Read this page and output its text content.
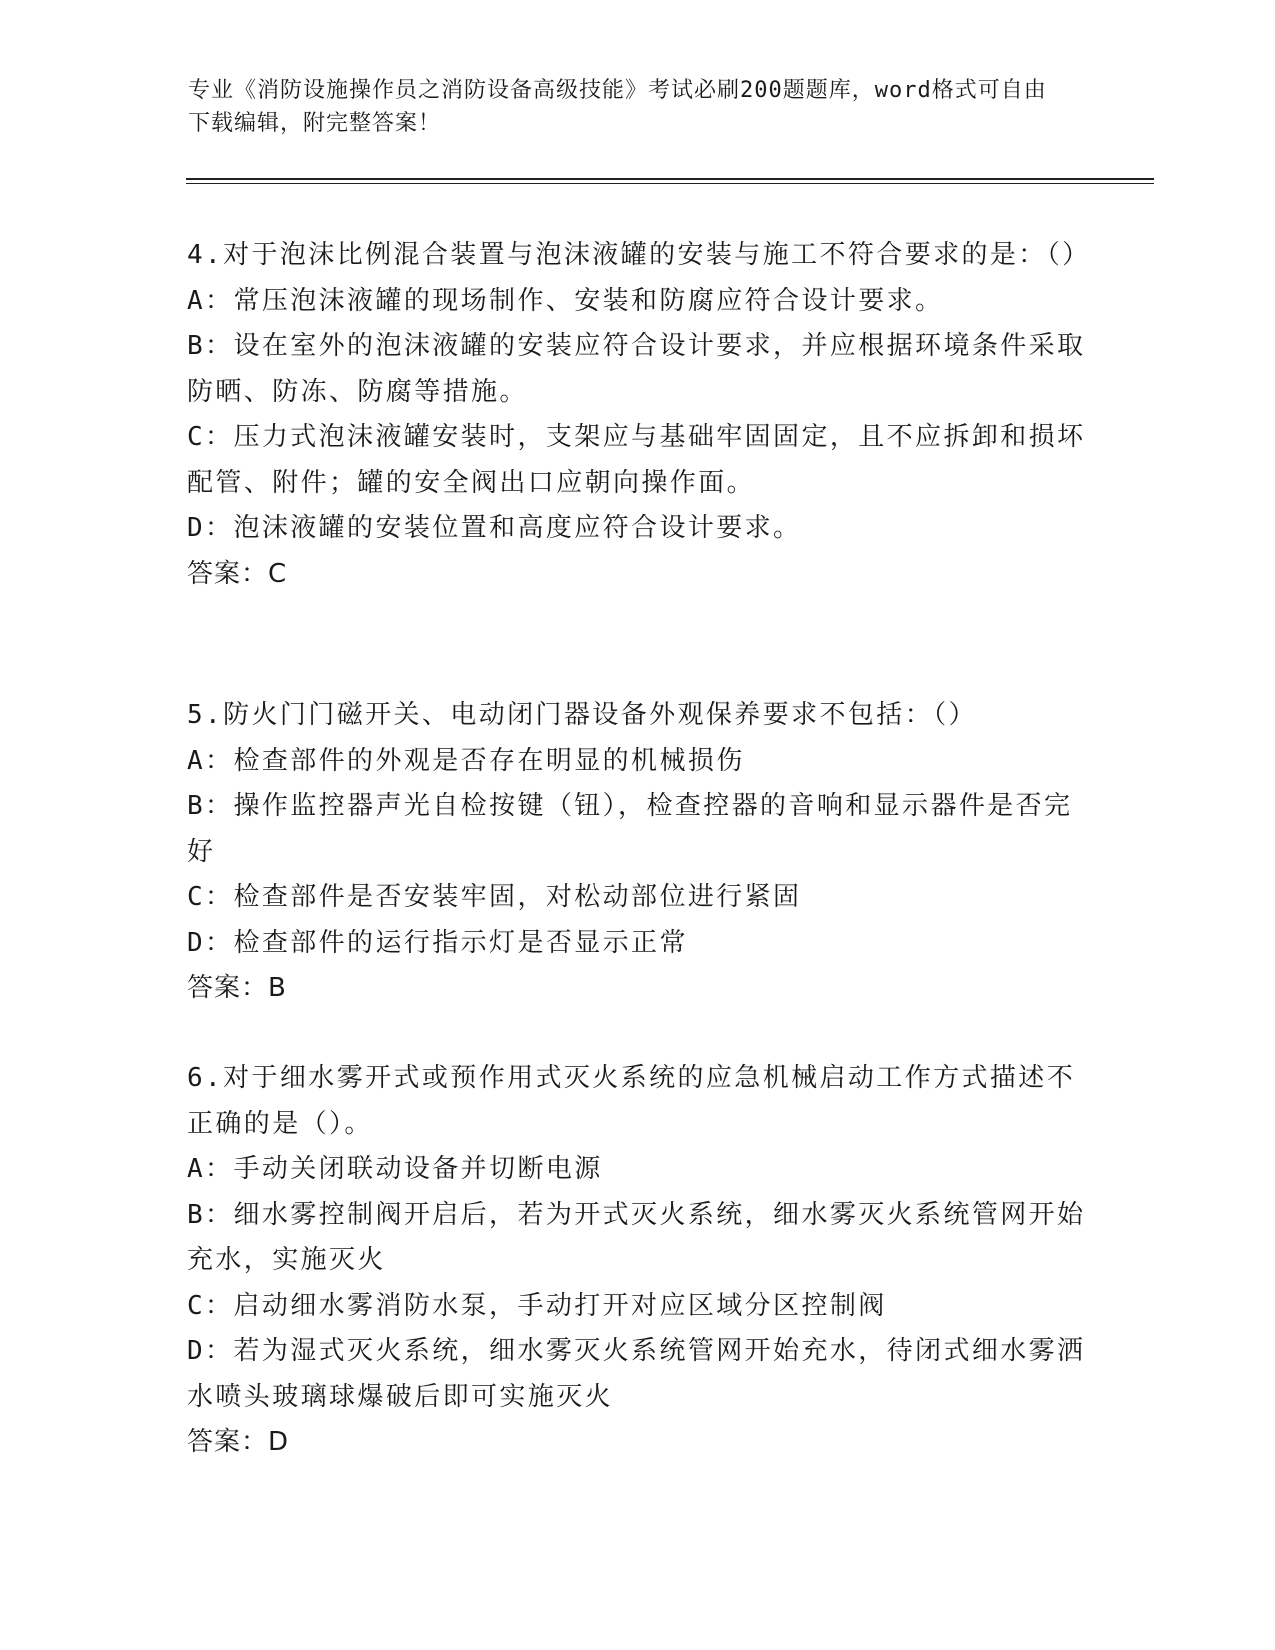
专业《消防设施操作员之消防设备高级技能》考试必刷200题题库，word格式可自由下载编辑，附完整答案！
4.对于泡沫比例混合装置与泡沫液罐的安装与施工不符合要求的是：（）
A：常压泡沫液罐的现场制作、安装和防腐应符合设计要求。
B：设在室外的泡沫液罐的安装应符合设计要求，并应根据环境条件采取防晒、防冻、防腐等措施。
C：压力式泡沫液罐安装时，支架应与基础牢固固定，且不应拆卸和损坏配管、附件；罐的安全阀出口应朝向操作面。
D：泡沫液罐的安装位置和高度应符合设计要求。
答案：C
5.防火门门磁开关、电动闭门器设备外观保养要求不包括：（）
A：检查部件的外观是否存在明显的机械损伤
B：操作监控器声光自检按键（钮），检查控器的音响和显示器件是否完好
C：检查部件是否安装牢固，对松动部位进行紧固
D：检查部件的运行指示灯是否显示正常
答案：B
6.对于细水雾开式或预作用式灭火系统的应急机械启动工作方式描述不正确的是（）。
A：手动关闭联动设备并切断电源
B：细水雾控制阀开启后，若为开式灭火系统，细水雾灭火系统管网开始充水，实施灭火
C：启动细水雾消防水泵，手动打开对应区域分区控制阀
D：若为湿式灭火系统，细水雾灭火系统管网开始充水，待闭式细水雾洒水喷头玻璃球爆破后即可实施灭火
答案：D
